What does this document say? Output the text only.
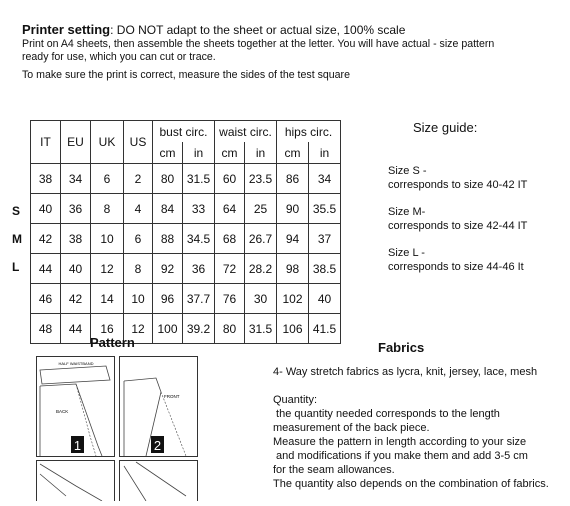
Printer setting: DO NOT adapt to the sheet or actual size, 100% scale

Print on A4 sheets, then assemble the sheets together at the letter. You will have actual - size pattern

ready for use, which you can cut or trace.

To make sure the print is correct, measure the sides of the test square

S
M
L
IT	EU	UK	US	bust circ.		waist circ.		hips circ.	
				cm	in	cm	in	cm	in
38	34	6	2	80	31.5	60	23.5	86	34
40	36	8	4	84	33	64	25	90	35.5
42	38	10	6	88	34.5	68	26.7	94	37
44	40	12	8	92	36	72	28.2	98	38.5
46	42	14	10	96	37.7	76	30	102	40
48	44	16	12	100	39.2	80	31.5	106	41.5
Size guide:
Size S -
corresponds to size 40-42 IT
Size M-
corresponds to size 42-44 IT
Size L -
corresponds to size 44-46 It
Pattern
HALF WAISTBAND
BACK
FRONT
1	2
Fabrics

4- Way stretch fabrics as lycra, knit, jersey, lace, mesh

Quantity:

the quantity needed corresponds to the length

measurement of the back piece.

Measure the pattern in length according to your size

and modifications if you make them and add 3-5 cm

for the seam allowances.

The quantity also depends on the combination of fabrics.
